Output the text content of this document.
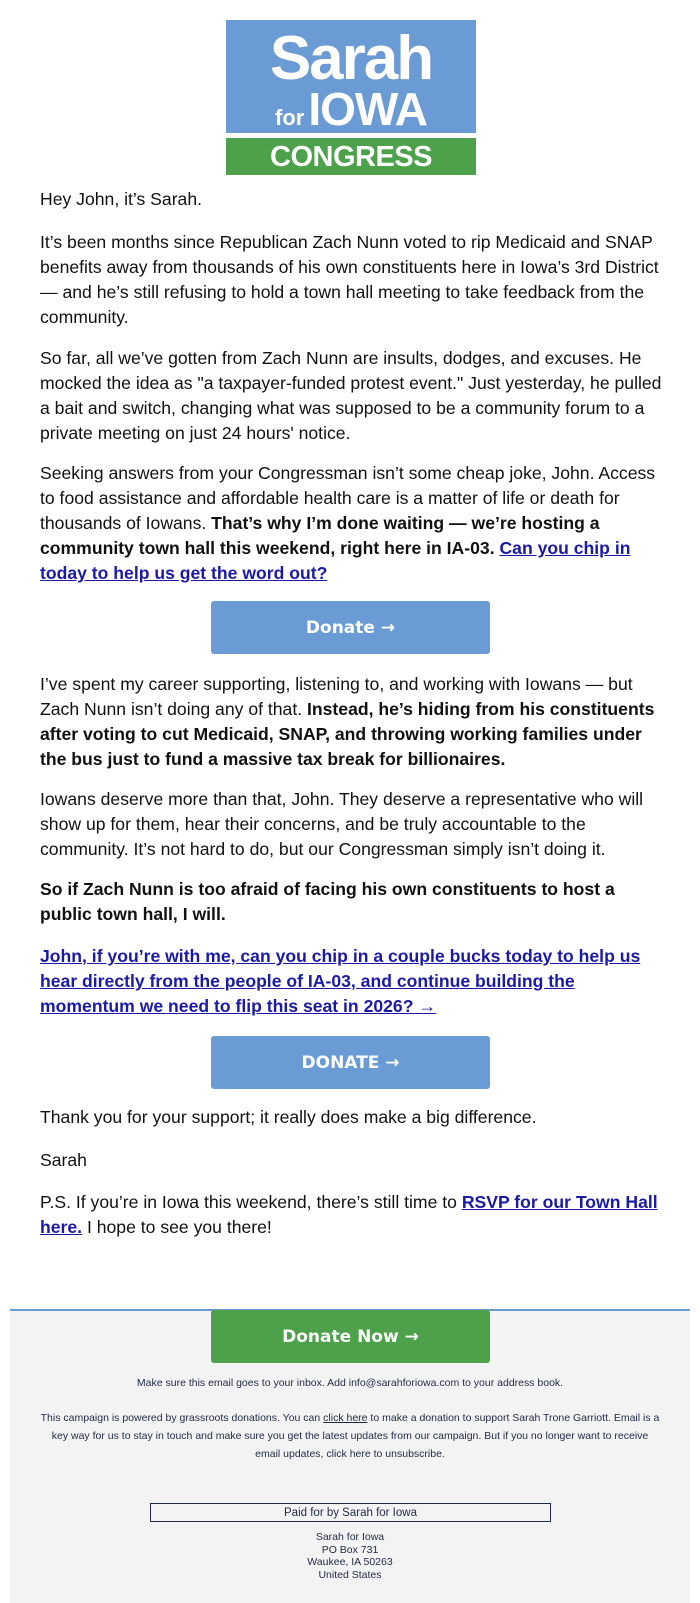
Sarah
forIOWA
CONGRESS

Hey John, it’s Sarah.

It’s been months since Republican Zach Nunn voted to rip Medicaid and SNAP benefits away from thousands of his own constituents here in Iowa’s 3rd District — and he’s still refusing to hold a town hall meeting to take feedback from the community.

So far, all we’ve gotten from Zach Nunn are insults, dodges, and excuses. He mocked the idea as "a taxpayer-funded protest event." Just yesterday, he pulled a bait and switch, changing what was supposed to be a community forum to a private meeting on just 24 hours' notice.

Seeking answers from your Congressman isn’t some cheap joke, John. Access to food assistance and affordable health care is a matter of life or death for thousands of Iowans. That’s why I’m done waiting — we’re hosting a community town hall this weekend, right here in IA-03. Can you chip in today to help us get the word out?

Donate →

I’ve spent my career supporting, listening to, and working with Iowans — but Zach Nunn isn’t doing any of that. Instead, he’s hiding from his constituents after voting to cut Medicaid, SNAP, and throwing working families under the bus just to fund a massive tax break for billionaires.

Iowans deserve more than that, John. They deserve a representative who will show up for them, hear their concerns, and be truly accountable to the community. It’s not hard to do, but our Congressman simply isn’t doing it.

So if Zach Nunn is too afraid of facing his own constituents to host a public town hall, I will.

John, if you’re with me, can you chip in a couple bucks today to help us hear directly from the people of IA-03, and continue building the momentum we need to flip this seat in 2026? →

DONATE →

Thank you for your support; it really does make a big difference.

Sarah

P.S. If you’re in Iowa this weekend, there’s still time to RSVP for our Town Hall here. I hope to see you there!

Donate Now →

Make sure this email goes to your inbox. Add info@sarahforiowa.com to your address book.

This campaign is powered by grassroots donations. You can click here to make a donation to support Sarah Trone Garriott. Email is a key way for us to stay in touch and make sure you get the latest updates from our campaign. But if you no longer want to receive email updates, click here to unsubscribe.

Paid for by Sarah for Iowa
Sarah for Iowa
PO Box 731
Waukee, IA 50263
United States
